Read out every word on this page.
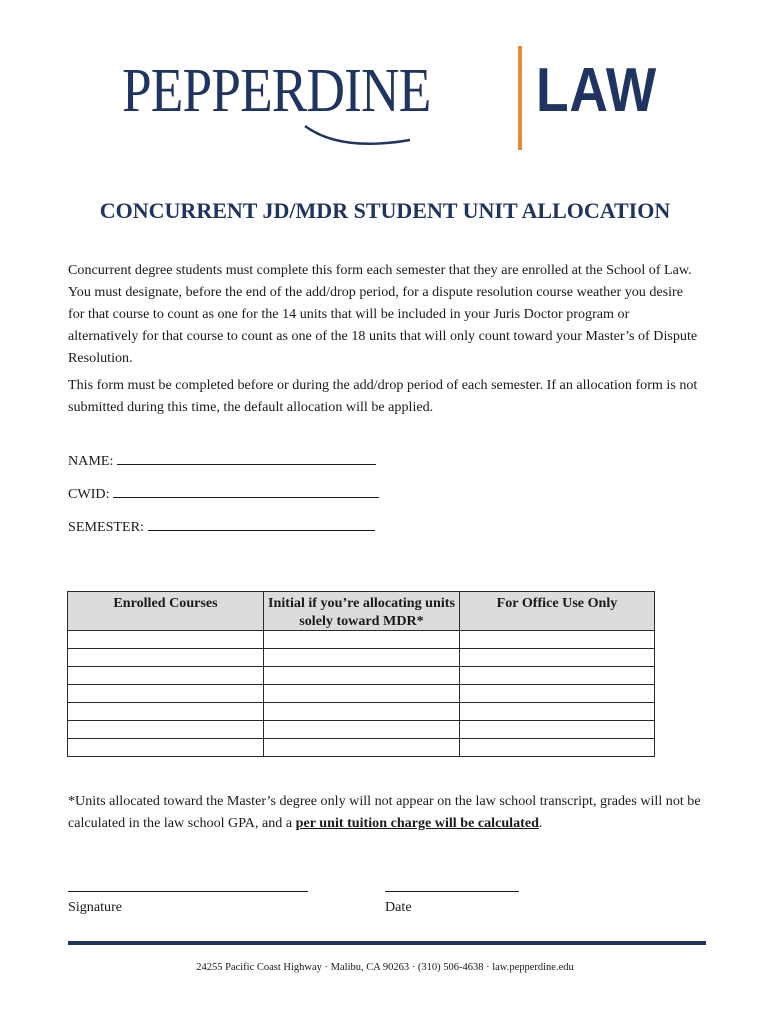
PEPPERDINE LAW
CONCURRENT JD/MDR STUDENT UNIT ALLOCATION
Concurrent degree students must complete this form each semester that they are enrolled at the School of Law. You must designate, before the end of the add/drop period, for a dispute resolution course weather you desire for that course to count as one for the 14 units that will be included in your Juris Doctor program or alternatively for that course to count as one of the 18 units that will only count toward your Master’s of Dispute Resolution.
This form must be completed before or during the add/drop period of each semester. If an allocation form is not submitted during this time, the default allocation will be applied.
NAME:
CWID:
SEMESTER:
Enrolled Courses	Initial if you’re allocating units solely toward MDR*	For Office Use Only

*Units allocated toward the Master’s degree only will not appear on the law school transcript, grades will not be calculated in the law school GPA, and a per unit tuition charge will be calculated.
Signature	Date
24255 Pacific Coast Highway · Malibu, CA 90263 · (310) 506-4638 · law.pepperdine.edu
